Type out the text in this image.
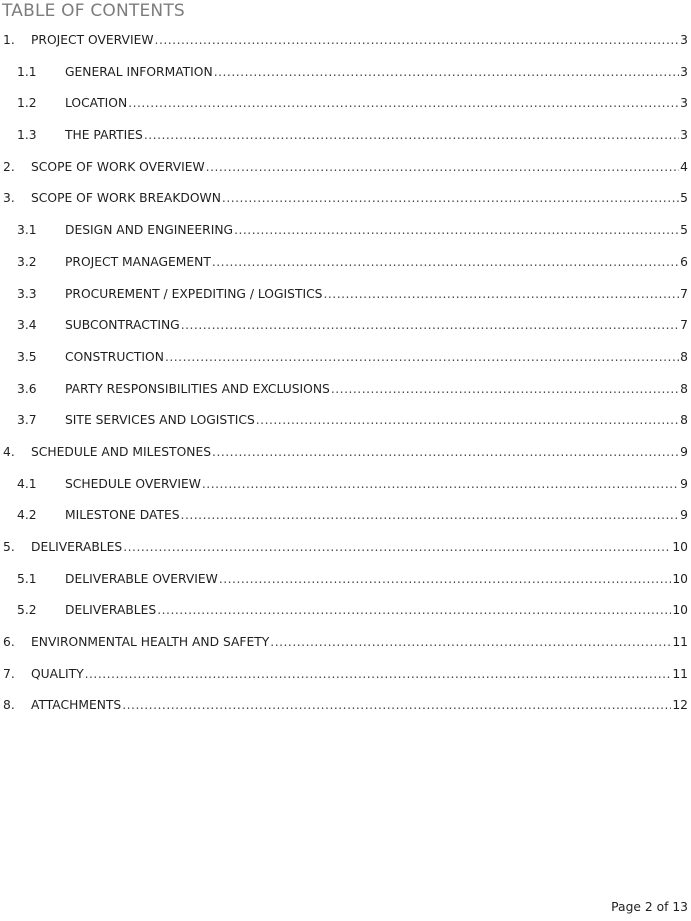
TABLE OF CONTENTS
1.	PROJECT OVERVIEW .....	3
1.1	GENERAL INFORMATION .....	3
1.2	LOCATION .....	3
1.3	THE PARTIES .....	3
2.	SCOPE OF WORK OVERVIEW .....	4
3.	SCOPE OF WORK BREAKDOWN .....	5
3.1	DESIGN AND ENGINEERING .....	5
3.2	PROJECT MANAGEMENT .....	6
3.3	PROCUREMENT / EXPEDITING / LOGISTICS .....	7
3.4	SUBCONTRACTING .....	7
3.5	CONSTRUCTION .....	8
3.6	PARTY RESPONSIBILITIES AND EXCLUSIONS .....	8
3.7	SITE SERVICES AND LOGISTICS .....	8
4.	SCHEDULE AND MILESTONES .....	9
4.1	SCHEDULE OVERVIEW .....	9
4.2	MILESTONE DATES .....	9
5.	DELIVERABLES .....	10
5.1	DELIVERABLE OVERVIEW .....	10
5.2	DELIVERABLES .....	10
6.	ENVIRONMENTAL HEALTH AND SAFETY .....	11
7.	QUALITY .....	11
8.	ATTACHMENTS .....	12
Page 2 of 13
